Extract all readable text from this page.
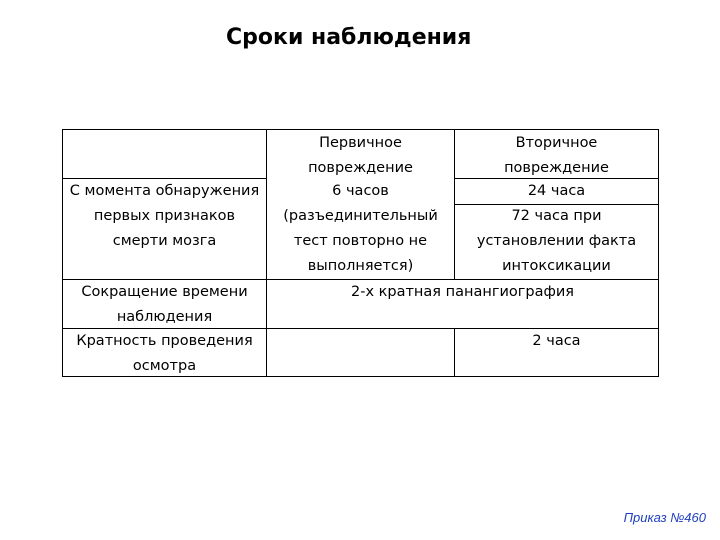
Сроки наблюдения
Первичное
повреждение
Вторичное
повреждение
С момента обнаружения
первых признаков
смерти мозга
6 часов
(разъединительный
тест повторно не
выполняется)
24 часа
72 часа при
установлении факта
интоксикации
Сокращение времени
наблюдения
2-х кратная панангиография
Кратность проведения
осмотра
2 часа
Приказ №460
